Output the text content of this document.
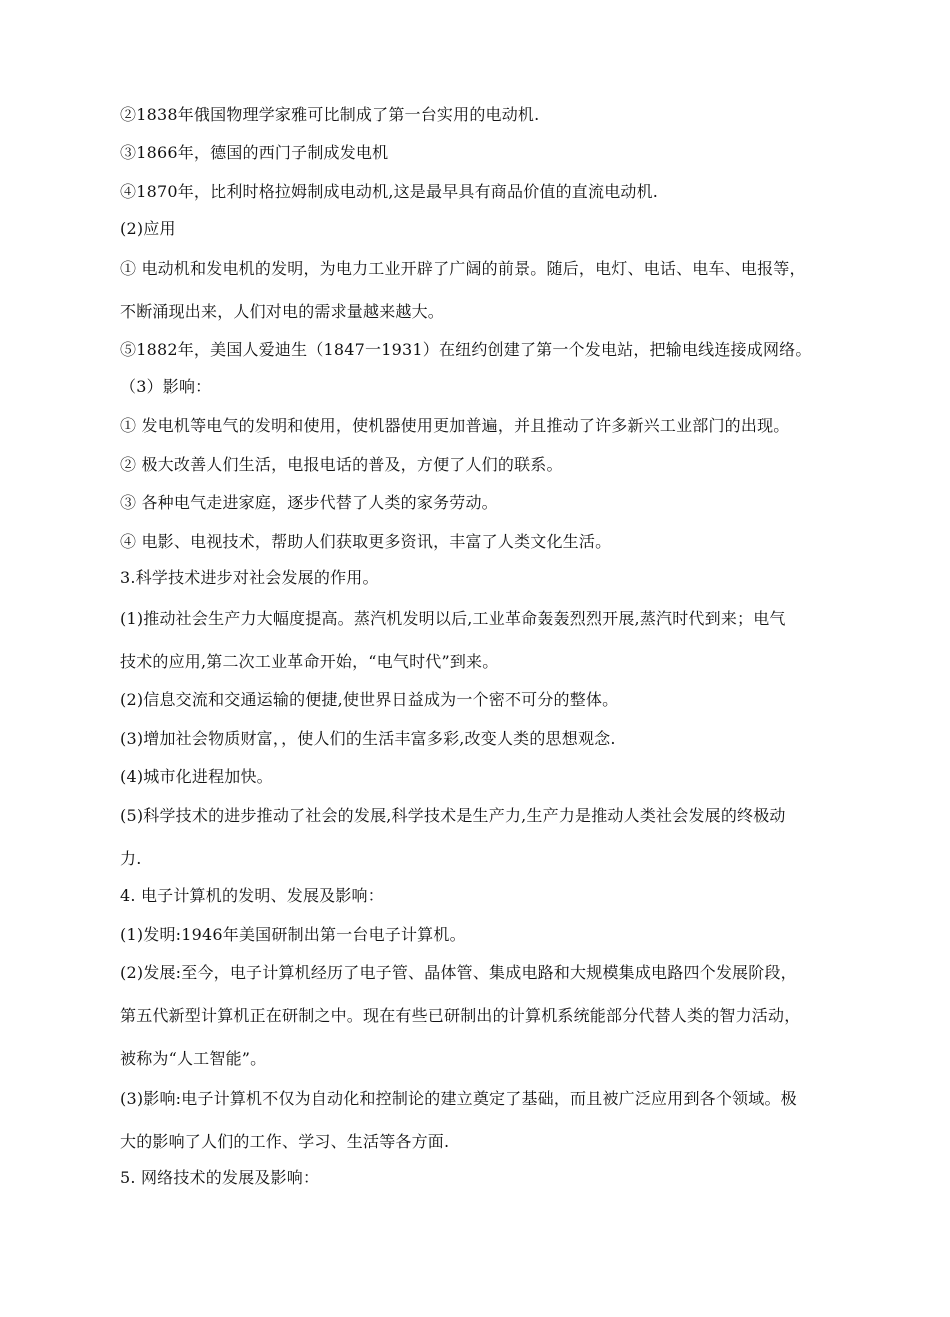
②1838年俄国物理学家雅可比制成了第一台实用的电动机.
③1866年，德国的西门子制成发电机
④1870年，比利时格拉姆制成电动机,这是最早具有商品价值的直流电动机.
(2)应用
① 电动机和发电机的发明，为电力工业开辟了广阔的前景。随后，电灯、电话、电车、电报等，
不断涌现出来，人们对电的需求量越来越大。
⑤1882年，美国人爱迪生（1847一1931）在纽约创建了第一个发电站，把输电线连接成网络。
（3）影响：
① 发电机等电气的发明和使用，使机器使用更加普遍，并且推动了许多新兴工业部门的出现。
② 极大改善人们生活，电报电话的普及，方便了人们的联系。
③ 各种电气走进家庭，逐步代替了人类的家务劳动。
④ 电影、电视技术，帮助人们获取更多资讯，丰富了人类文化生活。
3.科学技术进步对社会发展的作用。
(1)推动社会生产力大幅度提高。蒸汽机发明以后,工业革命轰轰烈烈开展,蒸汽时代到来；电气
技术的应用,第二次工业革命开始，“电气时代”到来。
(2)信息交流和交通运输的便捷,使世界日益成为一个密不可分的整体。
(3)增加社会物质财富，，使人们的生活丰富多彩,改变人类的思想观念.
(4)城市化进程加快。
(5)科学技术的进步推动了社会的发展,科学技术是生产力,生产力是推动人类社会发展的终极动
力.
4. 电子计算机的发明、发展及影响：
(1)发明:1946年美国研制出第一台电子计算机。
(2)发展:至今，电子计算机经历了电子管、晶体管、集成电路和大规模集成电路四个发展阶段，
第五代新型计算机正在研制之中。现在有些已研制出的计算机系统能部分代替人类的智力活动，
被称为“人工智能”。
(3)影响:电子计算机不仅为自动化和控制论的建立奠定了基础，而且被广泛应用到各个领域。极
大的影响了人们的工作、学习、生活等各方面.
5. 网络技术的发展及影响：
